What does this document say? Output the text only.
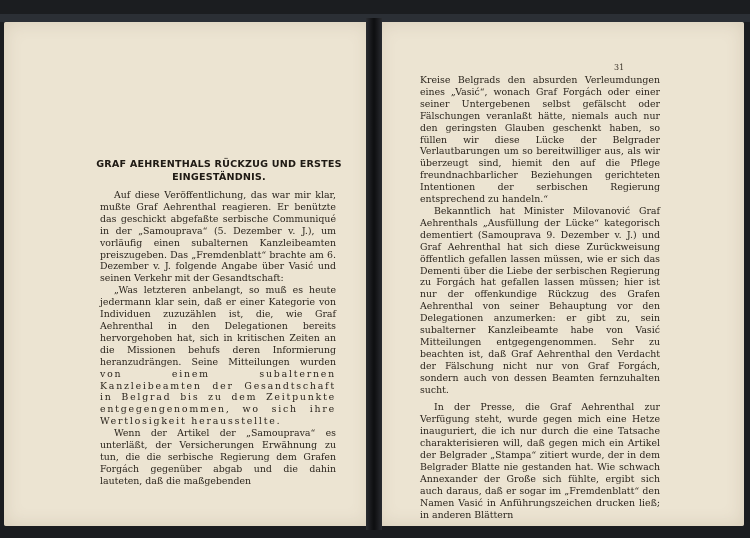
GRAF AEHRENTHALS RÜCKZUG UND ERSTES EINGESTÄNDNIS.

Auf diese Veröffentlichung, das war mir klar, mußte Graf Aehrenthal reagieren. Er benützte das geschickt abgefaßte serbische Communiqué in der „Samouprava“ (5. Dezember v. J.), um vorläufig einen subalternen Kanzleibeamten preiszugeben. Das „Fremdenblatt“ brachte am 6. Dezember v. J. folgende Angabe über Vasić und seinen Verkehr mit der Gesandtschaft:

„Was letzteren anbelangt, so muß es heute jedermann klar sein, daß er einer Kategorie von Individuen zuzuzählen ist, die, wie Graf Aehrenthal in den Delegationen bereits hervorgehoben hat, sich in kritischen Zeiten an die Missionen behufs deren Informierung heranzudrängen. Seine Mitteilungen wurden von einem subalternen Kanzleibeamten der Gesandtschaft in Belgrad bis zu dem Zeitpunkte entgegengenommen, wo sich ihre Wertlosigkeit herausstellte.

Wenn der Artikel der „Samouprava“ es unterläßt, der Versicherungen Erwähnung zu tun, die die serbische Regierung dem Grafen Forgách gegenüber abgab und die dahin lauteten, daß die maßgebenden

31

Kreise Belgrads den absurden Verleumdungen eines „Vasić“, wonach Graf Forgách oder einer seiner Untergebenen selbst gefälscht oder Fälschungen veranlaßt hätte, niemals auch nur den geringsten Glauben geschenkt haben, so füllen wir diese Lücke der Belgrader Verlautbarungen um so bereitwilliger aus, als wir überzeugt sind, hiemit den auf die Pflege freundnachbarlicher Beziehungen gerichteten Intentionen der serbischen Regierung entsprechend zu handeln.“

Bekanntlich hat Minister Milovanović Graf Aehrenthals „Ausfüllung der Lücke“ kategorisch dementiert (Samouprava 9. Dezember v. J.) und Graf Aehrenthal hat sich diese Zurückweisung öffentlich gefallen lassen müssen, wie er sich das Dementi über die Liebe der serbischen Regierung zu Forgách hat gefallen lassen müssen; hier ist nur der offenkundige Rückzug des Grafen Aehrenthal von seiner Behauptung vor den Delegationen anzumerken: er gibt zu, sein subalterner Kanzleibeamte habe von Vasić Mitteilungen entgegengenommen. Sehr zu beachten ist, daß Graf Aehrenthal den Verdacht der Fälschung nicht nur von Graf Forgách, sondern auch von dessen Beamten fernzuhalten sucht.

In der Presse, die Graf Aehrenthal zur Verfügung steht, wurde gegen mich eine Hetze inauguriert, die ich nur durch die eine Tatsache charakterisieren will, daß gegen mich ein Artikel der Belgrader „Stampa“ zitiert wurde, der in dem Belgrader Blatte nie gestanden hat. Wie schwach Annexander der Große sich fühlte, ergibt sich auch daraus, daß er sogar im „Fremdenblatt“ den Namen Vasić in Anführungszeichen drucken ließ; in anderen Blättern
